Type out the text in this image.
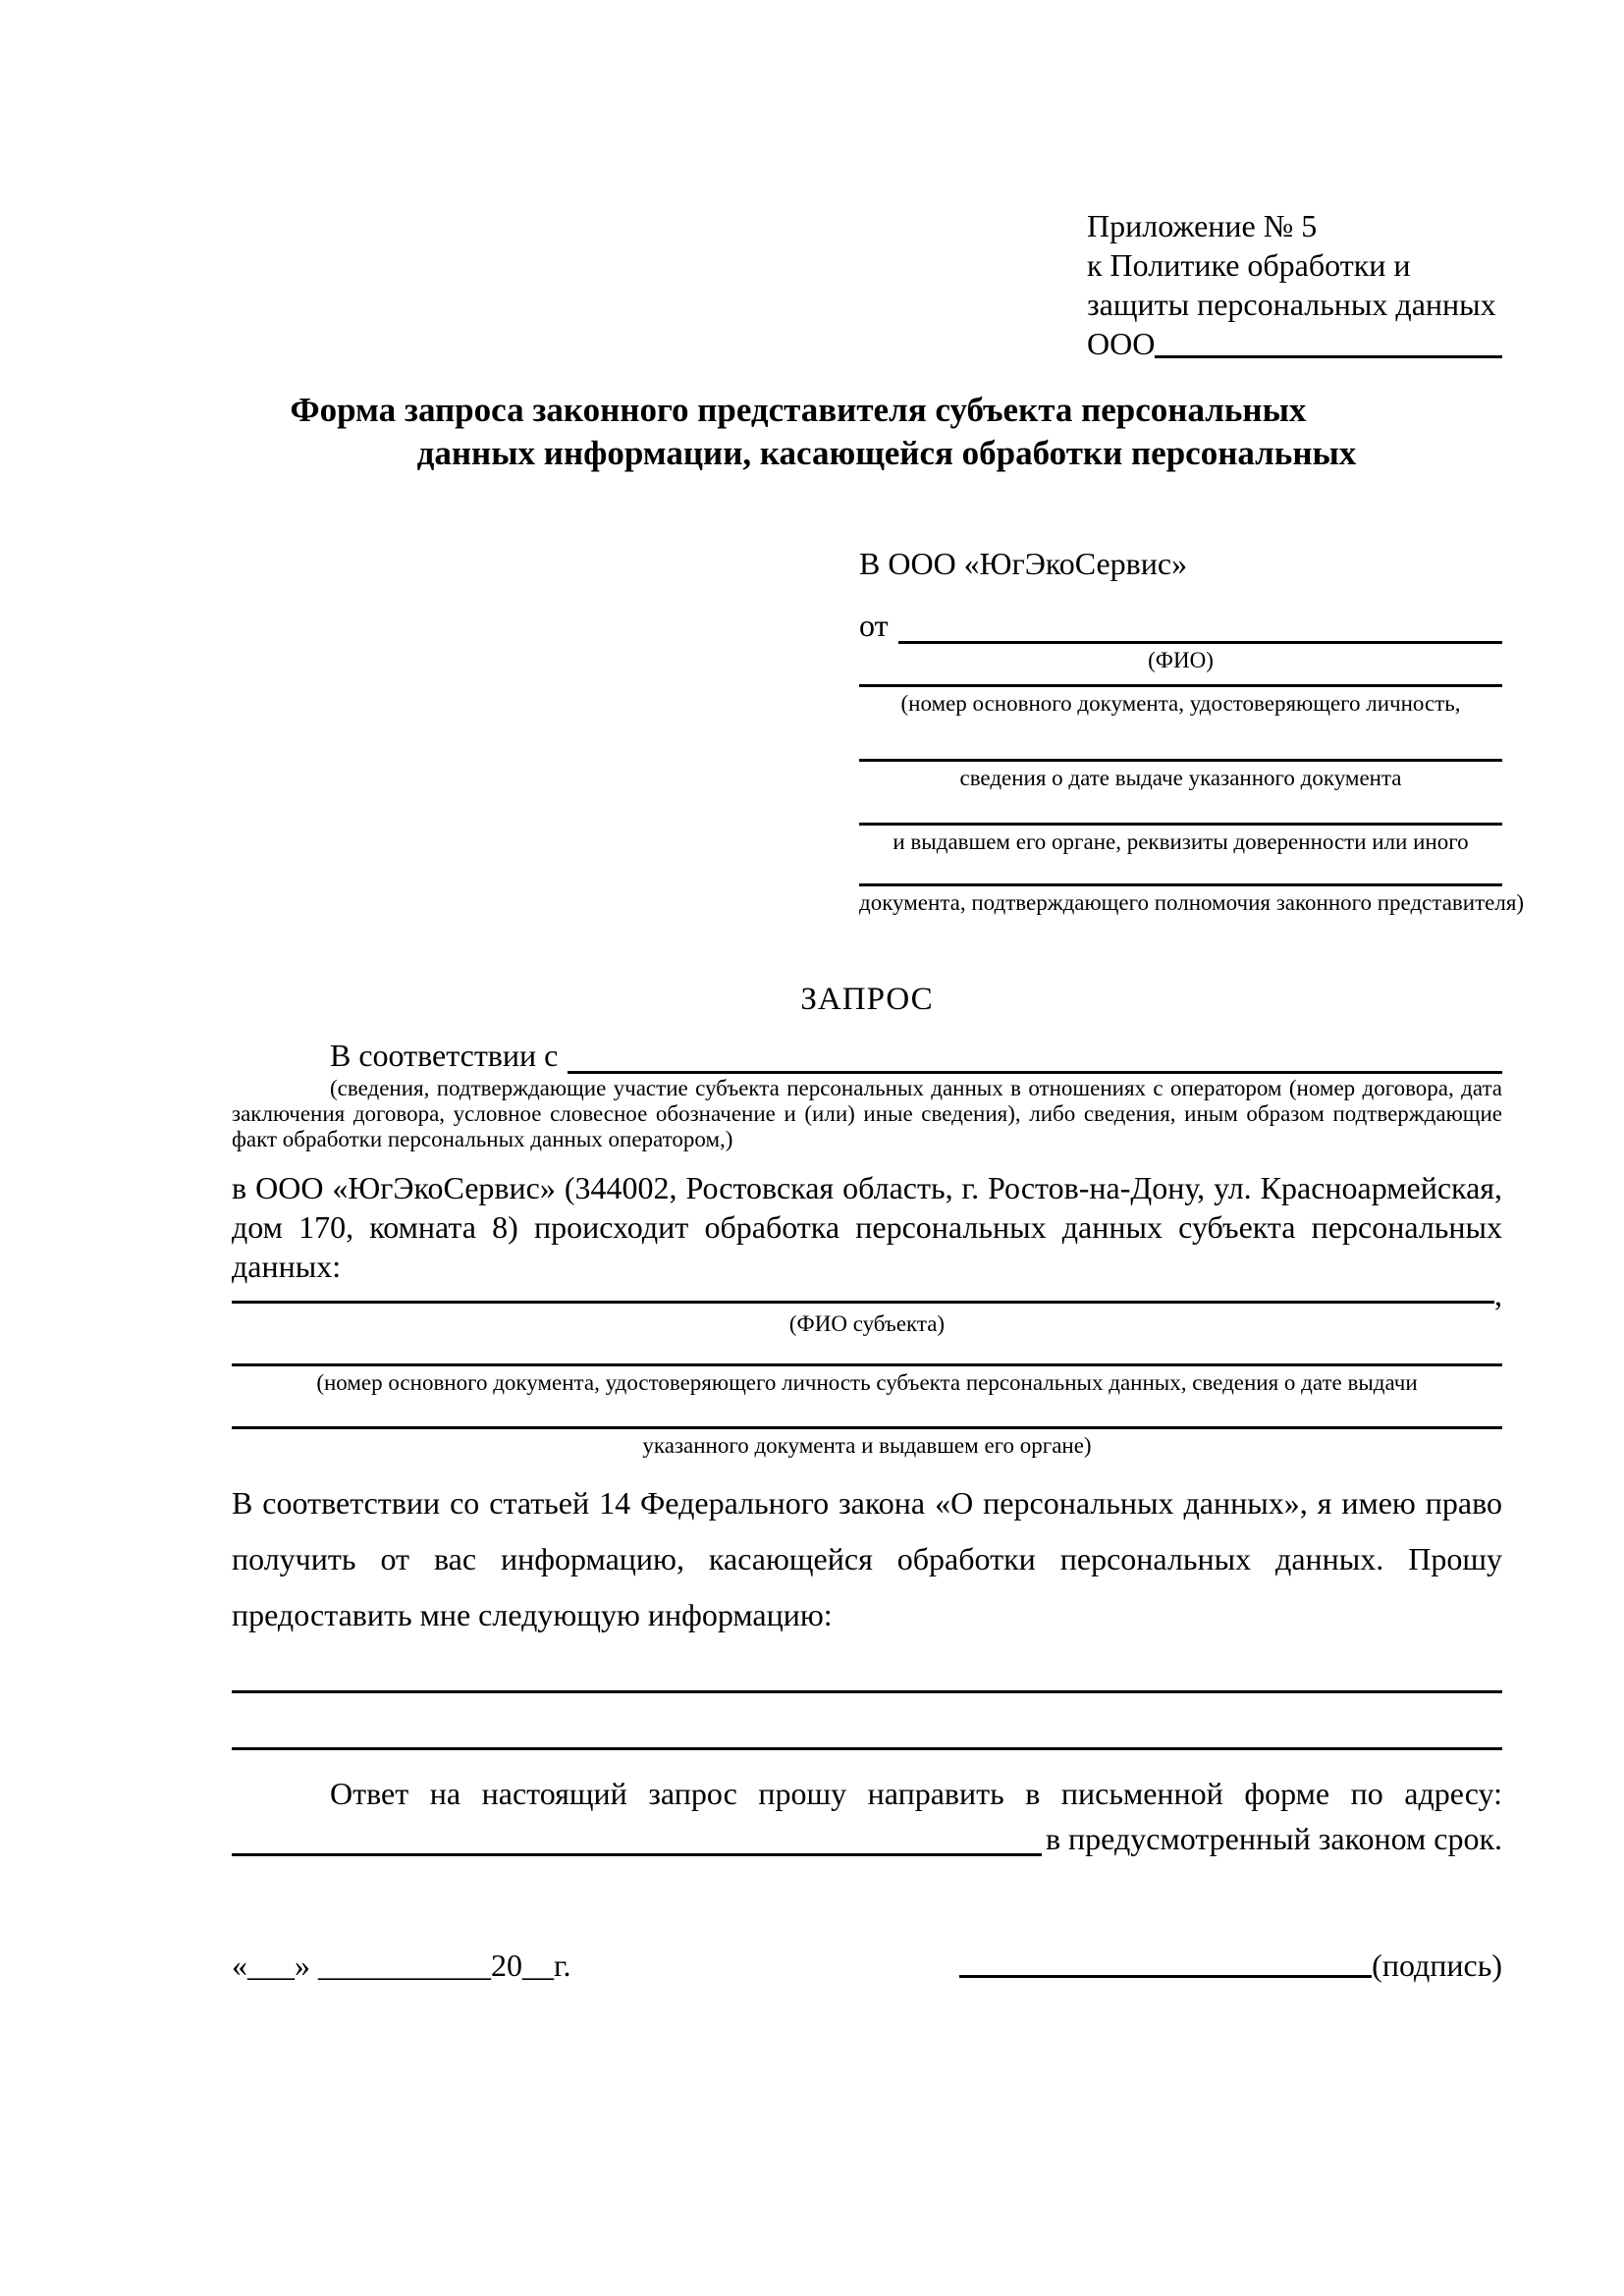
Приложение № 5
к Политике обработки и
защиты персональных данных
ООО
Форма запроса законного представителя субъекта персональных
данных информации, касающейся обработки персональных
В ООО «ЮгЭкоСервис»
от
(ФИО)
(номер основного документа, удостоверяющего личность,
сведения о дате выдаче указанного документа
и выдавшем его органе, реквизиты доверенности или иного
документа, подтверждающего полномочия законного представителя)
ЗАПРОС
В соответствии с
(сведения, подтверждающие участие субъекта персональных данных в отношениях с оператором (номер договора, дата заключения договора, условное словесное обозначение и (или) иные сведения), либо сведения, иным образом подтверждающие факт обработки персональных данных оператором,)
в ООО «ЮгЭкоСервис» (344002, Ростовская область, г. Ростов-на-Дону, ул. Красноармейская, дом 170, комната 8) происходит обработка персональных данных субъекта персональных данных:
,
(ФИО субъекта)
(номер основного документа, удостоверяющего личность субъекта персональных данных, сведения о дате выдачи
указанного документа и выдавшем его органе)
В соответствии со статьей 14 Федерального закона «О персональных данных», я имею право получить от вас информацию, касающейся обработки персональных данных. Прошу предоставить мне следующую информацию:
Ответ на настоящий запрос прошу направить в письменной форме по адресу:
в предусмотренный законом срок.
«___» ___________20__г.	(подпись)
